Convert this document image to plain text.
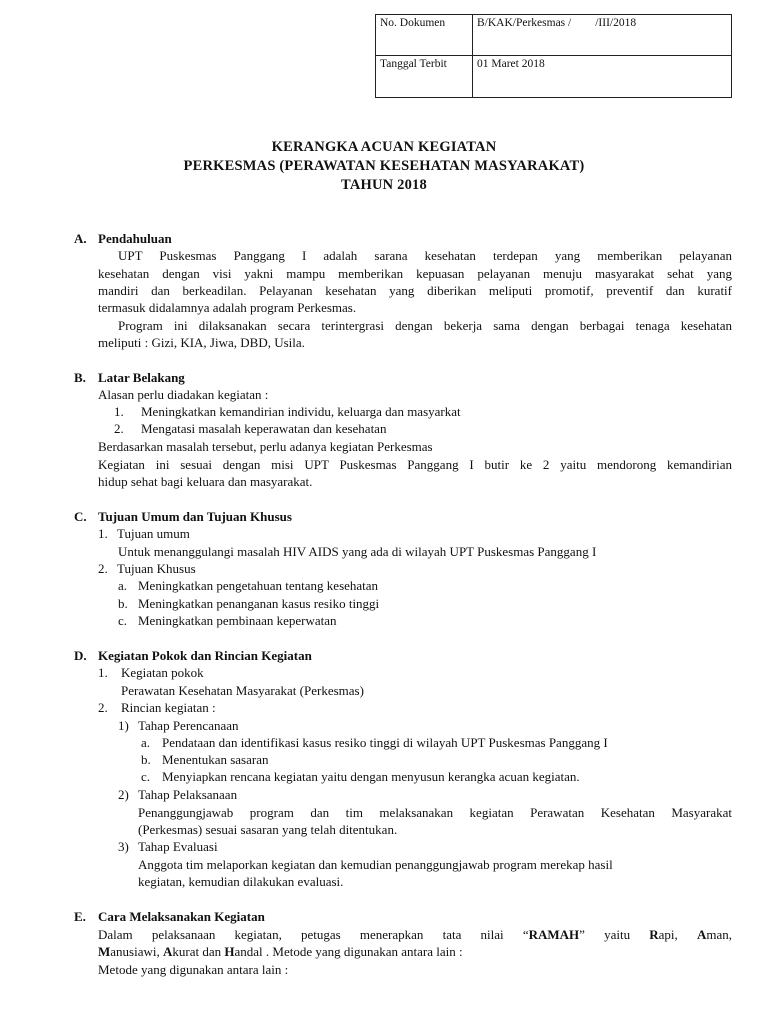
No. Dokumen	B/KAK/Perkesmas / /III/2018
Tanggal Terbit	01 Maret 2018
KERANGKA ACUAN KEGIATAN
PERKESMAS (PERAWATAN KESEHATAN MASYARAKAT)
TAHUN 2018
A. Pendahuluan
UPT Puskesmas Panggang I adalah sarana kesehatan terdepan yang memberikan pelayanan
kesehatan dengan visi yakni mampu memberikan kepuasan pelayanan menuju masyarakat sehat yang
mandiri dan berkeadilan. Pelayanan kesehatan yang diberikan meliputi promotif, preventif dan kuratif
termasuk didalamnya adalah program Perkesmas.
Program ini dilaksanakan secara terintergrasi dengan bekerja sama dengan berbagai tenaga kesehatan
meliputi : Gizi, KIA, Jiwa, DBD, Usila.
B. Latar Belakang
Alasan perlu diadakan kegiatan :
1. Meningkatkan kemandirian individu, keluarga dan masyarkat
2. Mengatasi masalah keperawatan dan kesehatan
Berdasarkan masalah tersebut, perlu adanya kegiatan Perkesmas
Kegiatan ini sesuai dengan misi UPT Puskesmas Panggang I butir ke 2 yaitu mendorong kemandirian
hidup sehat bagi keluara dan masyarakat.
C. Tujuan Umum dan Tujuan Khusus
1. Tujuan umum
Untuk menanggulangi masalah HIV AIDS yang ada di wilayah UPT Puskesmas Panggang I
2. Tujuan Khusus
a. Meningkatkan pengetahuan tentang kesehatan
b. Meningkatkan penanganan kasus resiko tinggi
c. Meningkatkan pembinaan keperwatan
D. Kegiatan Pokok dan Rincian Kegiatan
1. Kegiatan pokok
Perawatan Kesehatan Masyarakat (Perkesmas)
2. Rincian kegiatan :
1) Tahap Perencanaan
a. Pendataan dan identifikasi kasus resiko tinggi di wilayah UPT Puskesmas Panggang I
b. Menentukan sasaran
c. Menyiapkan rencana kegiatan yaitu dengan menyusun kerangka acuan kegiatan.
2) Tahap Pelaksanaan
Penanggungjawab program dan tim melaksanakan kegiatan Perawatan Kesehatan Masyarakat
(Perkesmas) sesuai sasaran yang telah ditentukan.
3) Tahap Evaluasi
Anggota tim melaporkan kegiatan dan kemudian penanggungjawab program merekap hasil
kegiatan, kemudian dilakukan evaluasi.
E. Cara Melaksanakan Kegiatan
Dalam pelaksanaan kegiatan, petugas menerapkan tata nilai “RAMAH” yaitu Rapi, Aman,
Manusiawi, Akurat dan Handal . Metode yang digunakan antara lain :
Metode yang digunakan antara lain :
